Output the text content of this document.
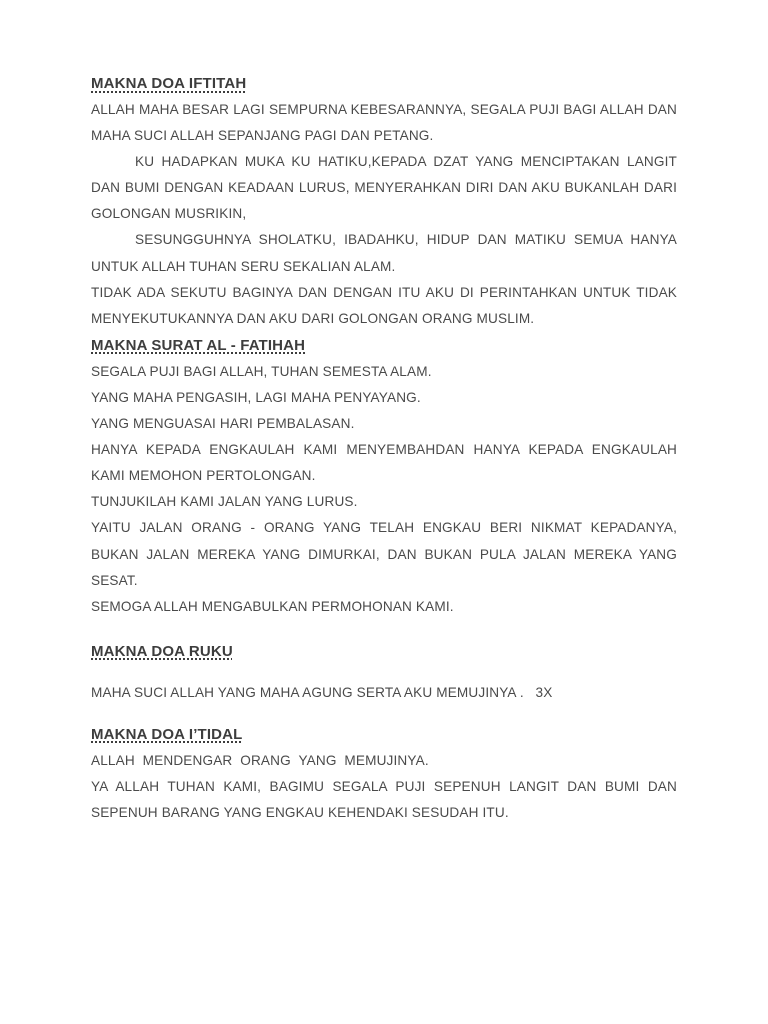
MAKNA DOA IFTITAH

ALLAH MAHA BESAR LAGI SEMPURNA KEBESARANNYA, SEGALA PUJI BAGI ALLAH DAN MAHA SUCI ALLAH SEPANJANG PAGI DAN PETANG.

KU HADAPKAN MUKA KU HATIKU,KEPADA DZAT YANG MENCIPTAKAN LANGIT DAN BUMI DENGAN KEADAAN LURUS, MENYERAHKAN DIRI DAN AKU BUKANLAH DARI GOLONGAN MUSRIKIN,

SESUNGGUHNYA SHOLATKU, IBADAHKU, HIDUP DAN MATIKU SEMUA HANYA UNTUK ALLAH TUHAN SERU SEKALIAN ALAM.

TIDAK ADA SEKUTU BAGINYA DAN DENGAN ITU AKU DI PERINTAHKAN UNTUK TIDAK MENYEKUTUKANNYA DAN AKU DARI GOLONGAN ORANG MUSLIM.

MAKNA SURAT AL - FATIHAH

SEGALA PUJI BAGI ALLAH, TUHAN SEMESTA ALAM.

YANG MAHA PENGASIH, LAGI MAHA PENYAYANG.

YANG MENGUASAI HARI PEMBALASAN.

HANYA KEPADA ENGKAULAH KAMI MENYEMBAHDAN HANYA KEPADA ENGKAULAH KAMI MEMOHON PERTOLONGAN.

TUNJUKILAH KAMI JALAN YANG LURUS.

YAITU JALAN ORANG - ORANG YANG TELAH ENGKAU BERI NIKMAT KEPADANYA, BUKAN JALAN MEREKA YANG DIMURKAI, DAN BUKAN PULA JALAN MEREKA YANG SESAT.

SEMOGA ALLAH MENGABULKAN PERMOHONAN KAMI.

MAKNA DOA RUKU

MAHA SUCI ALLAH YANG MAHA AGUNG SERTA AKU MEMUJINYA .   3X

MAKNA DOA I’TIDAL

ALLAH  MENDENGAR  ORANG  YANG  MEMUJINYA.

YA ALLAH TUHAN KAMI, BAGIMU SEGALA PUJI SEPENUH LANGIT DAN BUMI DAN SEPENUH BARANG YANG ENGKAU KEHENDAKI SESUDAH ITU.
